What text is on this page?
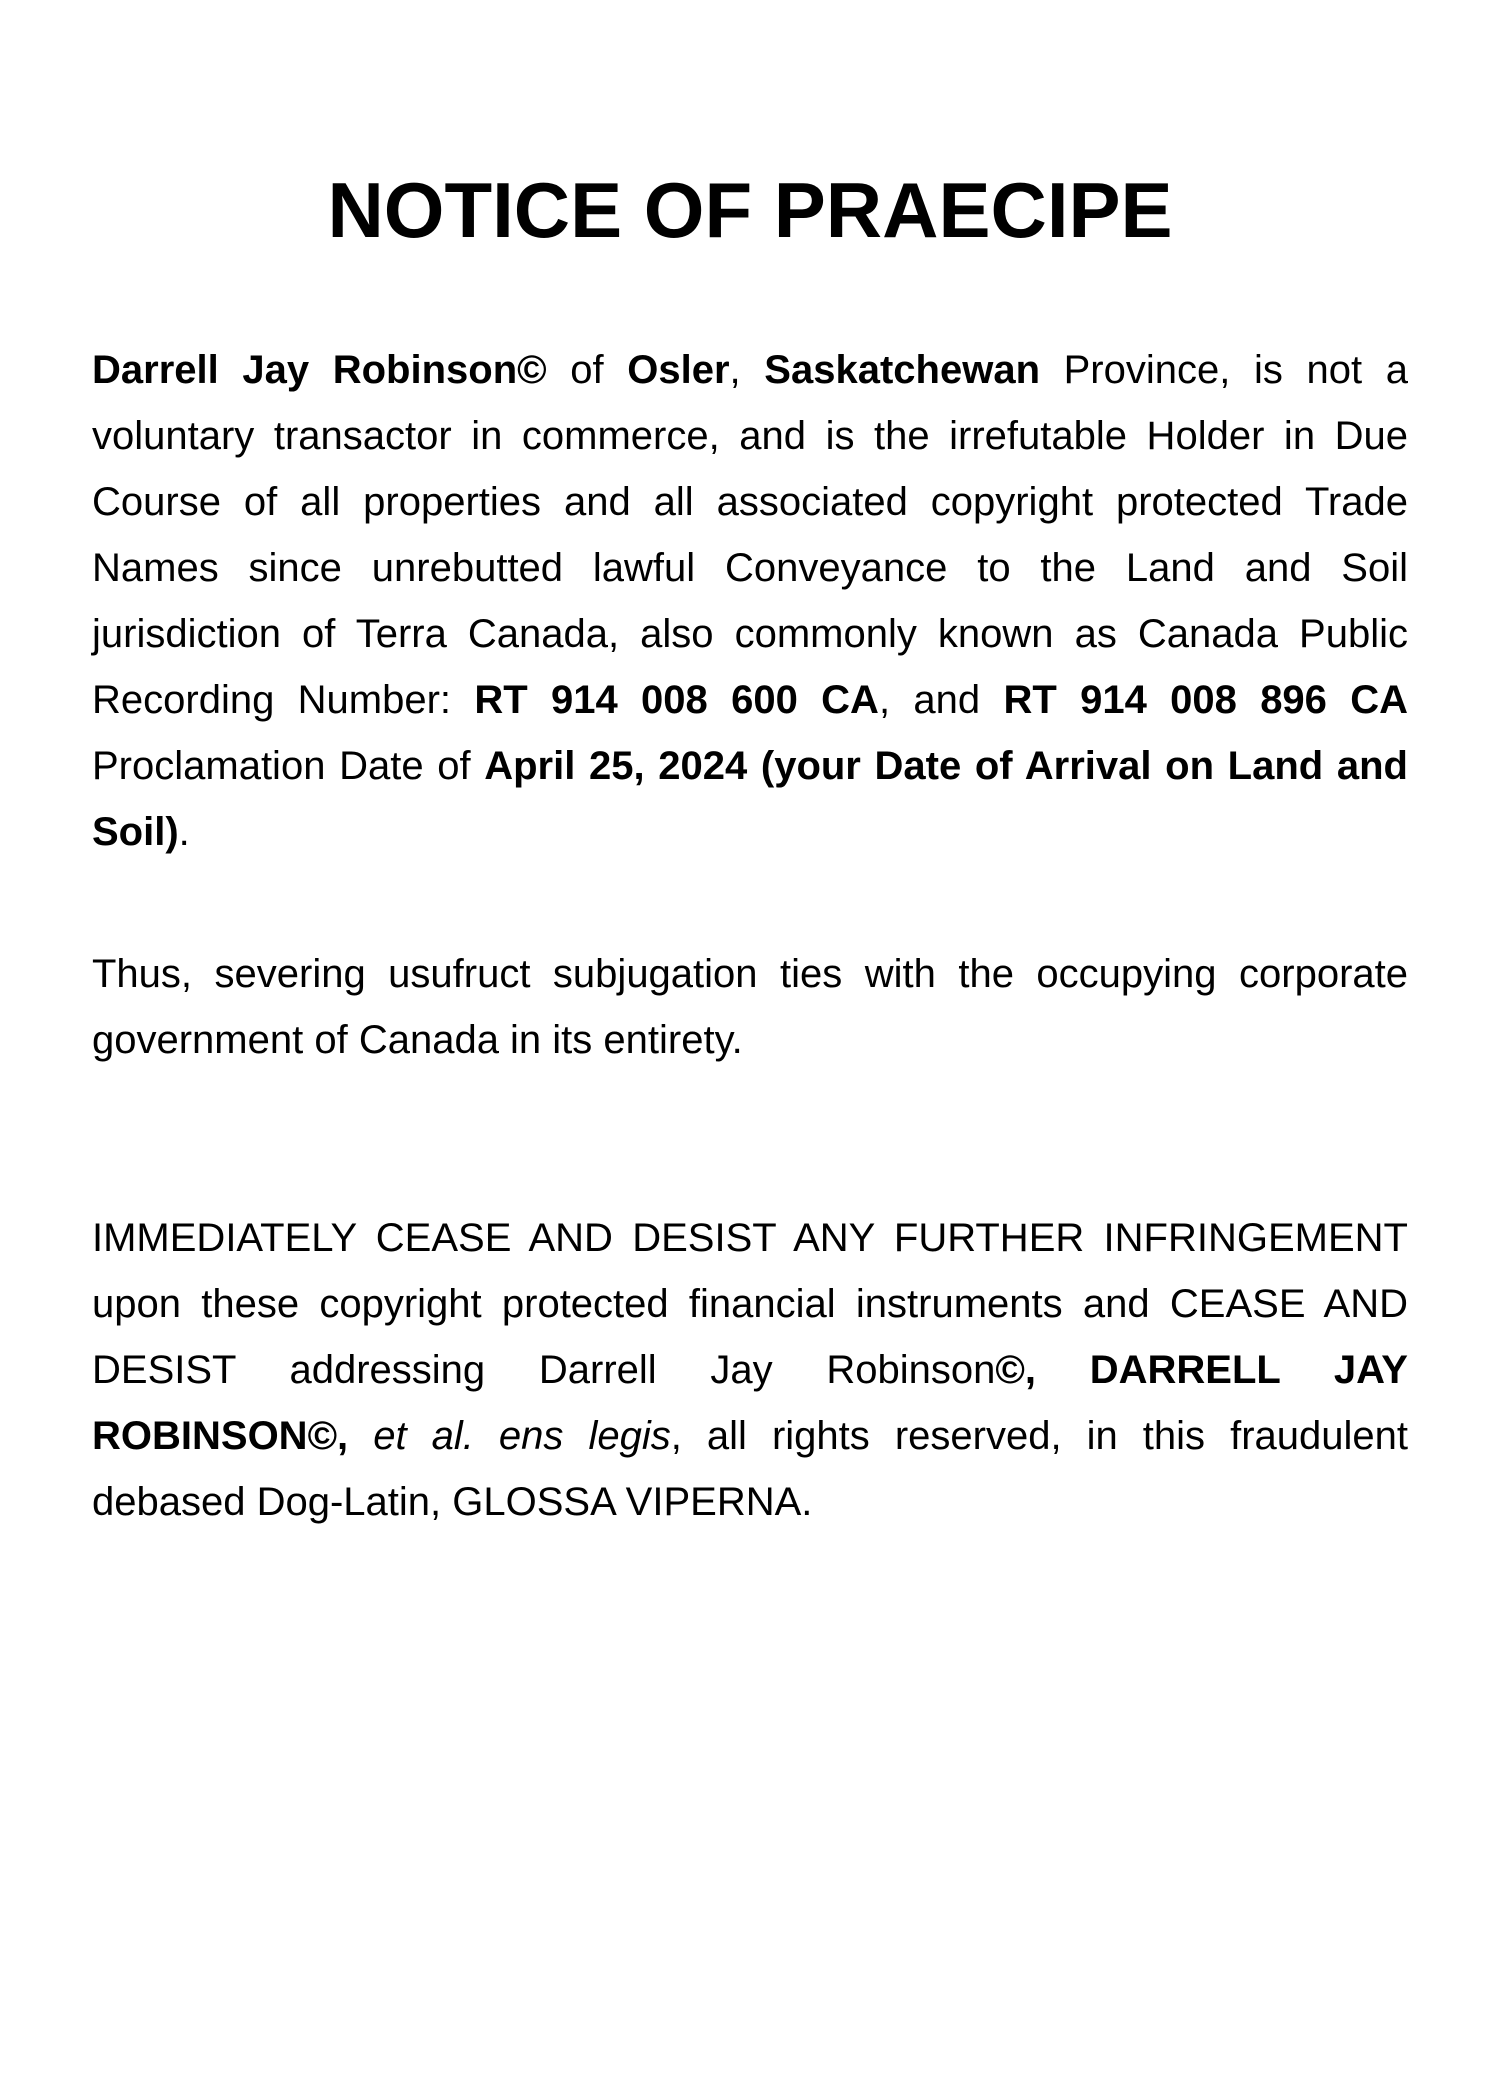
NOTICE OF PRAECIPE

Darrell Jay Robinson© of Osler, Saskatchewan Province, is not a voluntary transactor in commerce, and is the irrefutable Holder in Due Course of all properties and all associated copyright protected Trade Names since unrebutted lawful Conveyance to the Land and Soil jurisdiction of Terra Canada, also commonly known as Canada Public Recording Number: RT 914 008 600 CA, and RT 914 008 896 CA Proclamation Date of April 25, 2024 (your Date of Arrival on Land and Soil).

Thus, severing usufruct subjugation ties with the occupying corporate government of Canada in its entirety.

IMMEDIATELY CEASE AND DESIST ANY FURTHER INFRINGEMENT upon these copyright protected financial instruments and CEASE AND DESIST addressing Darrell Jay Robinson©, DARRELL JAY ROBINSON©, et al. ens legis, all rights reserved, in this fraudulent debased Dog-Latin, GLOSSA VIPERNA.
